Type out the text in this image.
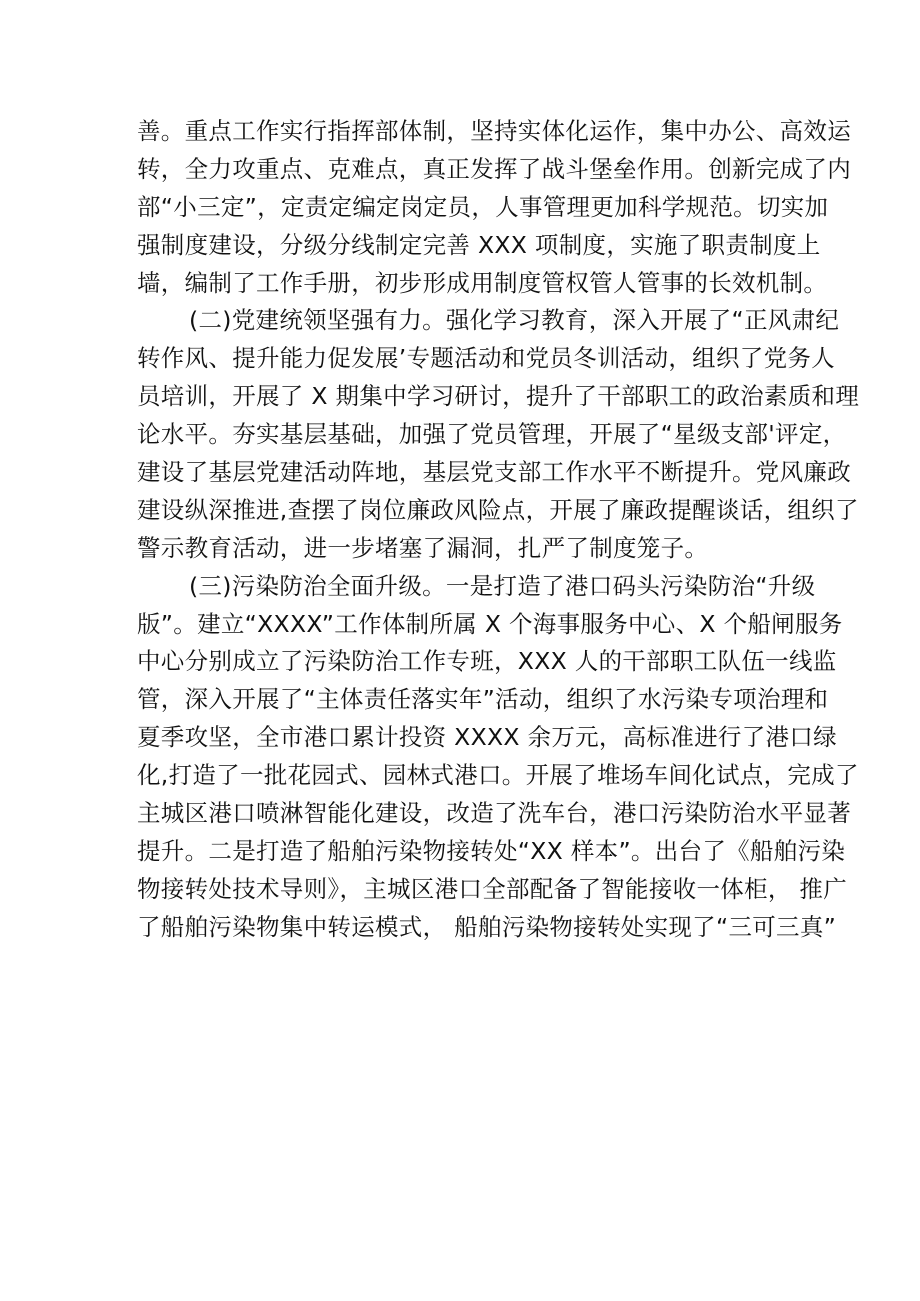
善。重点工作实行指挥部体制，坚持实体化运作，集中办公、高效运
转，全力攻重点、克难点，真正发挥了战斗堡垒作用。创新完成了内
部“小三定”，定责定编定岗定员，人事管理更加科学规范。切实加
强制度建设，分级分线制定完善 XXX 项制度，实施了职责制度上
墙，编制了工作手册，初步形成用制度管权管人管事的长效机制。
(二)党建统领坚强有力。强化学习教育，深入开展了“正风肃纪
转作风、提升能力促发展’专题活动和党员冬训活动，组织了党务人
员培训，开展了 X 期集中学习研讨，提升了干部职工的政治素质和理
论水平。夯实基层基础，加强了党员管理，开展了“星级支部'评定，
建设了基层党建活动阵地，基层党支部工作水平不断提升。党风廉政
建设纵深推进,查摆了岗位廉政风险点，开展了廉政提醒谈话，组织了
警示教育活动，进一步堵塞了漏洞，扎严了制度笼子。
(三)污染防治全面升级。一是打造了港口码头污染防治“升级
版”。建立“XXXX”工作体制所属 X 个海事服务中心、X 个船闸服务
中心分别成立了污染防治工作专班，XXX 人的干部职工队伍一线监
管，深入开展了“主体责任落实年”活动，组织了水污染专项治理和
夏季攻坚，全市港口累计投资 XXXX 余万元，高标准进行了港口绿
化,打造了一批花园式、园林式港口。开展了堆场车间化试点，完成了
主城区港口喷淋智能化建设，改造了洗车台，港口污染防治水平显著
提升。二是打造了船舶污染物接转处“XX 样本”。出台了《船舶污染
物接转处技术导则》，主城区港口全部配备了智能接收一体柜， 推广
了船舶污染物集中转运模式， 船舶污染物接转处实现了“三可三真”
